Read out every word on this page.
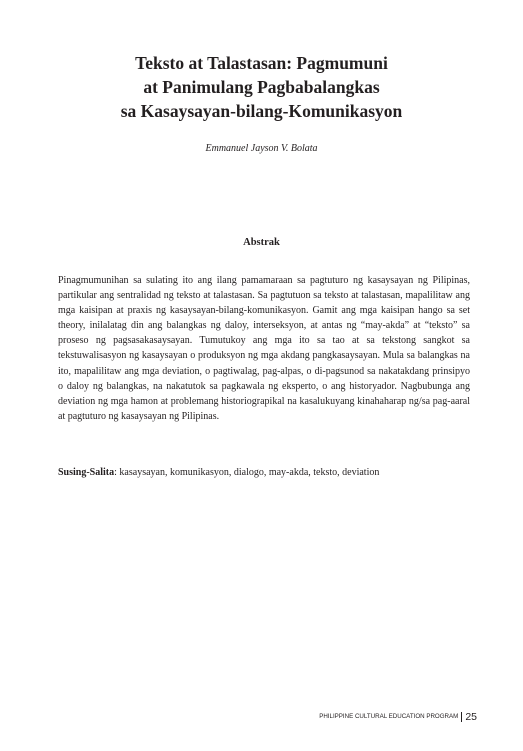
Teksto at Talastasan: Pagmumuni
at Panimulang Pagbabalangkas
sa Kasaysayan-bilang-Komunikasyon
Emmanuel Jayson V. Bolata
Abstrak
Pinagmumunihan sa sulating ito ang ilang pamamaraan sa pagtuturo ng kasaysayan ng Pilipinas, partikular ang sentralidad ng teksto at talastasan. Sa pagtutuon sa teksto at talastasan, mapalilitaw ang mga kaisipan at praxis ng kasaysayan-bilang-komunikasyon. Gamit ang mga kaisipan hango sa set theory, inilalatag din ang balangkas ng daloy, interseksyon, at antas ng “may-akda” at “teksto” sa proseso ng pagsasakasaysayan. Tumutukoy ang mga ito sa tao at sa tekstong sangkot sa tekstuwalisasyon ng kasaysayan o produksyon ng mga akdang pangkasaysayan. Mula sa balangkas na ito, mapalilitaw ang mga deviation, o pagtiwalag, pag-alpas, o di-pagsunod sa nakatakdang prinsipyo o daloy ng balangkas, na nakatutok sa pagkawala ng eksperto, o ang historyador. Nagbubunga ang deviation ng mga hamon at problemang historiograpikal na kasalukuyang kinahaharap ng/sa pag-aaral at pagtuturo ng kasaysayan ng Pilipinas.
Susing-Salita: kasaysayan, komunikasyon, dialogo, may-akda, teksto, deviation
PHILIPPINE CULTURAL EDUCATION PROGRAM 25
